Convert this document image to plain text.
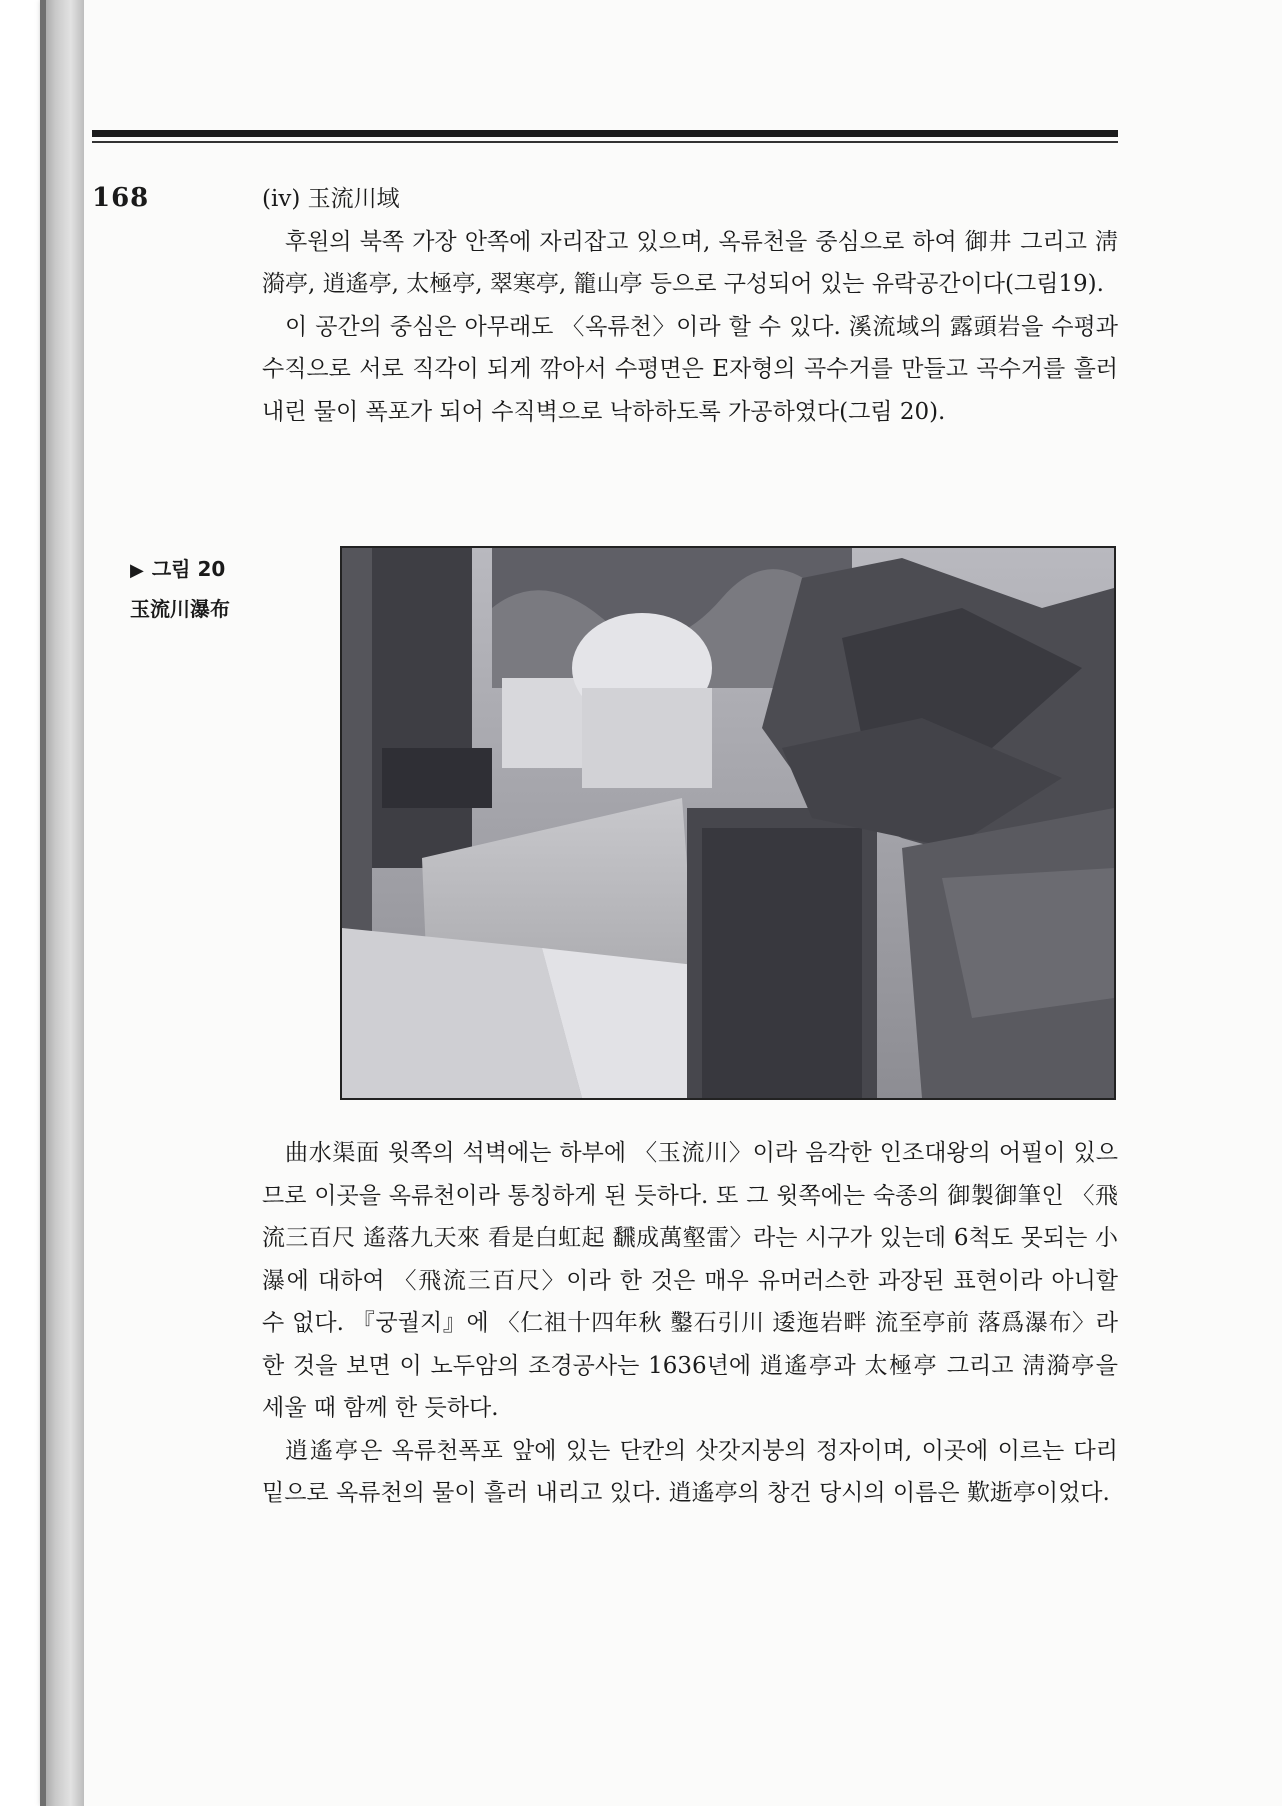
168	(iv) 玉流川域

후원의 북쪽 가장 안쪽에 자리잡고 있으며, 옥류천을 중심으로 하여 御井 그리고 淸漪亭, 逍遙亭, 太極亭, 翠寒亭, 籠山亭 등으로 구성되어 있는 유락공간이다(그림19).

이 공간의 중심은 아무래도 〈옥류천〉이라 할 수 있다. 溪流域의 露頭岩을 수평과 수직으로 서로 직각이 되게 깎아서 수평면은 E자형의 곡수거를 만들고 곡수거를 흘러내린 물이 폭포가 되어 수직벽으로 낙하하도록 가공하였다(그림 20).

▶ 그림 20
玉流川瀑布

曲水渠面 윗쪽의 석벽에는 하부에 〈玉流川〉이라 음각한 인조대왕의 어필이 있으므로 이곳을 옥류천이라 통칭하게 된 듯하다. 또 그 윗쪽에는 숙종의 御製御筆인 〈飛流三百尺 遙落九天來 看是白虹起 飜成萬壑雷〉라는 시구가 있는데 6척도 못되는 小瀑에 대하여 〈飛流三百尺〉이라 한 것은 매우 유머러스한 과장된 표현이라 아니할 수 없다. 『궁궐지』에 〈仁祖十四年秋 鑿石引川 逶迤岩畔 流至亭前 落爲瀑布〉라 한 것을 보면 이 노두암의 조경공사는 1636년에 逍遙亭과 太極亭 그리고 淸漪亭을 세울 때 함께 한 듯하다.

逍遙亭은 옥류천폭포 앞에 있는 단칸의 삿갓지붕의 정자이며, 이곳에 이르는 다리 밑으로 옥류천의 물이 흘러 내리고 있다. 逍遙亭의 창건 당시의 이름은 歎逝亭이었다.
